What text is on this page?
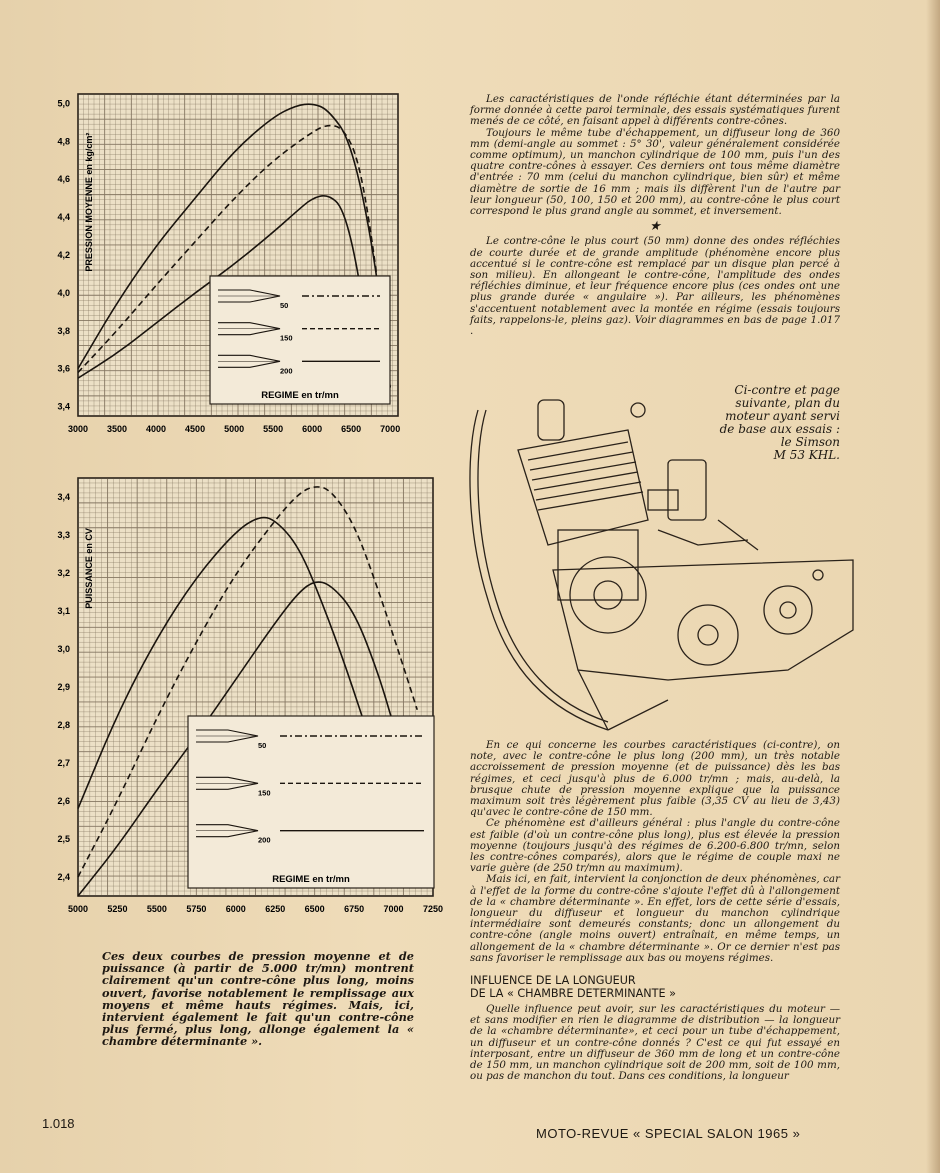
3,4
3,6
3,8
4,0
4,2
4,4
4,6
4,8
5,0
3000 3500 4000 4500 5000 5500 6000 6500 7000
PRESSION MOYENNE en kg/cm²
50
150
200
REGIME en tr/mn
2,4
2,5
2,6
2,7
2,8
2,9
3,0
3,1
3,2
3,3
3,4
5000 5250 5500 5750 6000 6250 6500 6750 7000 7250
PUISSANCE en CV
50
150
200
REGIME en tr/mn

Les caractéristiques de l'onde réfléchie étant déterminées par la forme donnée à cette paroi terminale, des essais systématiques furent menés de ce côté, en faisant appel à différents contre-cônes.

Toujours le même tube d'échappement, un diffuseur long de 360 mm (demi-angle au sommet : 5° 30', valeur généralement considérée comme optimum), un manchon cylindrique de 100 mm, puis l'un des quatre contre-cônes à essayer. Ces derniers ont tous même diamètre d'entrée : 70 mm (celui du manchon cylindrique, bien sûr) et même diamètre de sortie de 16 mm ; mais ils diffèrent l'un de l'autre par leur longueur (50, 100, 150 et 200 mm), au contre-cône le plus court correspond le plus grand angle au sommet, et inversement.

★

Le contre-cône le plus court (50 mm) donne des ondes réfléchies de courte durée et de grande amplitude (phénomène encore plus accentué si le contre-cône est remplacé par un disque plan percé à son milieu). En allongeant le contre-cône, l'amplitude des ondes réfléchies diminue, et leur fréquence encore plus (ces ondes ont une plus grande durée « angulaire »). Par ailleurs, les phénomènes s'accentuent notablement avec la montée en régime (essais toujours faits, rappelons-le, pleins gaz). Voir diagrammes en bas de page 1.017 .

Ci-contre et page
suivante, plan du
moteur ayant servi
de base aux essais :
le Simson
M 53 KHL.

En ce qui concerne les courbes caractéristiques (ci-contre), on note, avec le contre-cône le plus long (200 mm), un très notable accroissement de pression moyenne (et de puissance) dès les bas régimes, et ceci jusqu'à plus de 6.000 tr/mn ; mais, au-delà, la brusque chute de pression moyenne explique que la puissance maximum soit très légèrement plus faible (3,35 CV au lieu de 3,43) qu'avec le contre-cône de 150 mm.

Ce phénomène est d'ailleurs général : plus l'angle du contre-cône est faible (d'où un contre-cône plus long), plus est élevée la pression moyenne (toujours jusqu'à des régimes de 6.200-6.800 tr/mn, selon les contre-cônes comparés), alors que le régime de couple maxi ne varie guère (de 250 tr/mn au maximum).

Mais ici, en fait, intervient la conjonction de deux phénomènes, car à l'effet de la forme du contre-cône s'ajoute l'effet dû à l'allongement de la « chambre déterminante ». En effet, lors de cette série d'essais, longueur du diffuseur et longueur du manchon cylindrique intermédiaire sont demeurés constants; donc un allongement du contre-cône (angle moins ouvert) entraînait, en même temps, un allongement de la « chambre déterminante ». Or ce dernier n'est pas sans favoriser le remplissage aux bas ou moyens régimes.

INFLUENCE DE LA LONGUEUR
DE LA « CHAMBRE DETERMINANTE »

Quelle influence peut avoir, sur les caractéristiques du moteur — et sans modifier en rien le diagramme de distribution — la longueur de la «chambre déterminante», et ceci pour un tube d'échappement, un diffuseur et un contre-cône donnés ? C'est ce qui fut essayé en interposant, entre un diffuseur de 360 mm de long et un contre-cône de 150 mm, un manchon cylindrique soit de 200 mm, soit de 100 mm, ou pas de manchon du tout. Dans ces conditions, la longueur

Ces deux courbes de pression moyenne et de puissance (à partir de 5.000 tr/mn) montrent clairement qu'un contre-cône plus long, moins ouvert, favorise notablement le remplissage aux moyens et même hauts régimes. Mais, ici, intervient également le fait qu'un contre-cône plus fermé, plus long, allonge également la « chambre déterminante ».
1.018
MOTO-REVUE « SPECIAL SALON 1965 »
